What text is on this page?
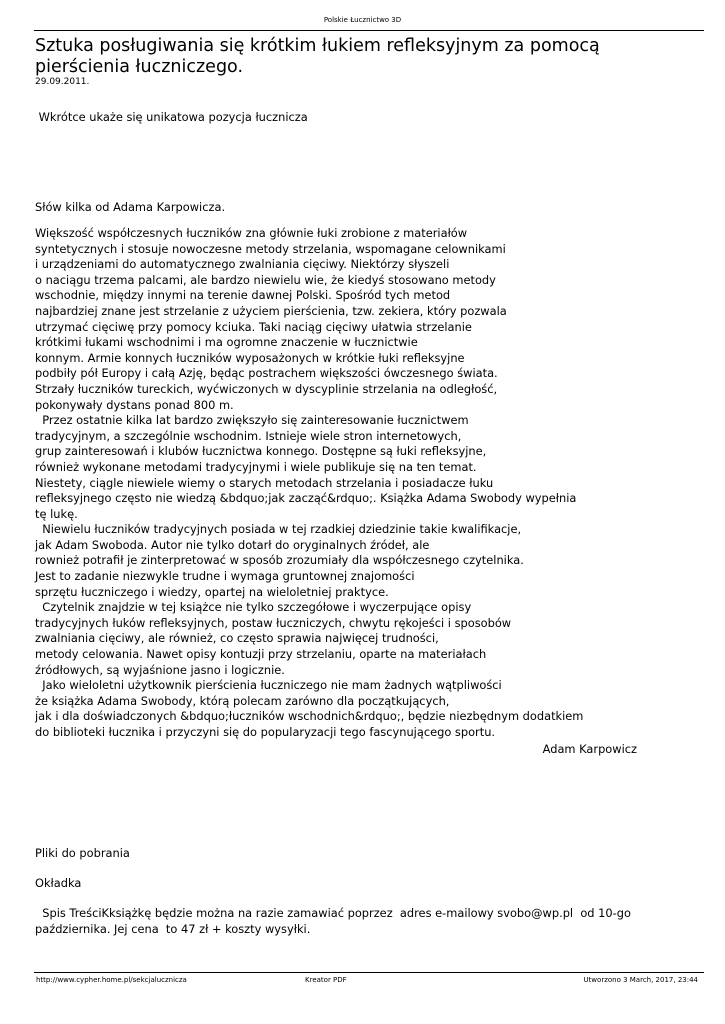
Polskie Łucznictwo 3D
Sztuka posługiwania się krótkim łukiem refleksyjnym za pomocą pierścienia łuczniczego.
29.09.2011.

Wkrótce ukaże się unikatowa pozycja łucznicza

Słów kilka od Adama Karpowicza.

Większość współczesnych łuczników zna głównie łuki zrobione z materiałów
syntetycznych i stosuje nowoczesne metody strzelania, wspomagane celownikami
i urządzeniami do automatycznego zwalniania cięciwy. Niektórzy słyszeli
o naciągu trzema palcami, ale bardzo niewielu wie, że kiedyś stosowano metody
wschodnie, między innymi na terenie dawnej Polski. Spośród tych metod
najbardziej znane jest strzelanie z użyciem pierścienia, tzw. zekiera, który pozwala
utrzymać cięciwę przy pomocy kciuka. Taki naciąg cięciwy ułatwia strzelanie
krótkimi łukami wschodnimi i ma ogromne znaczenie w łucznictwie
konnym. Armie konnych łuczników wyposażonych w krótkie łuki refleksyjne
podbiły pół Europy i całą Azję, będąc postrachem większości ówczesnego świata.
Strzały łuczników tureckich, wyćwiczonych w dyscyplinie strzelania na odległość,
pokonywały dystans ponad 800 m.
Przez ostatnie kilka lat bardzo zwiększyło się zainteresowanie łucznictwem
tradycyjnym, a szczególnie wschodnim. Istnieje wiele stron internetowych,
grup zainteresowań i klubów łucznictwa konnego. Dostępne są łuki refleksyjne,
również wykonane metodami tradycyjnymi i wiele publikuje się na ten temat.
Niestety, ciągle niewiele wiemy o starych metodach strzelania i posiadacze łuku
refleksyjnego często nie wiedzą &bdquo;jak zacząć&rdquo;. Książka Adama Swobody wypełnia
tę lukę.
Niewielu łuczników tradycyjnych posiada w tej rzadkiej dziedzinie takie kwalifikacje,
jak Adam Swoboda. Autor nie tylko dotarł do oryginalnych źródeł, ale
rownież potrafił je zinterpretować w sposób zrozumiały dla współczesnego czytelnika.
Jest to zadanie niezwykle trudne i wymaga gruntownej znajomości
sprzętu łuczniczego i wiedzy, opartej na wieloletniej praktyce.
Czytelnik znajdzie w tej książce nie tylko szczegółowe i wyczerpujące opisy
tradycyjnych łuków refleksyjnych, postaw łuczniczych, chwytu rękojeści i sposobów
zwalniania cięciwy, ale również, co często sprawia najwięcej trudności,
metody celowania. Nawet opisy kontuzji przy strzelaniu, oparte na materiałach
źródłowych, są wyjaśnione jasno i logicznie.
Jako wieloletni użytkownik pierścienia łuczniczego nie mam żadnych wątpliwości
że książka Adama Swobody, którą polecam zarówno dla początkujących,
jak i dla doświadczonych &bdquo;łuczników wschodnich&rdquo;, będzie niezbędnym dodatkiem
do biblioteki łucznika i przyczyni się do popularyzacji tego fascynującego sportu.
Adam Karpowicz

Pliki do pobrania

Okładka

Spis TreściKksiążkę będzie można na razie zamawiać poprzez  adres e-mailowy svobo@wp.pl  od 10-go
października. Jej cena  to 47 zł + koszty wysyłki.
http://www.cypher.home.pl/sekcjalucznicza	Kreator PDF	Utworzono 3 March, 2017, 23:44
